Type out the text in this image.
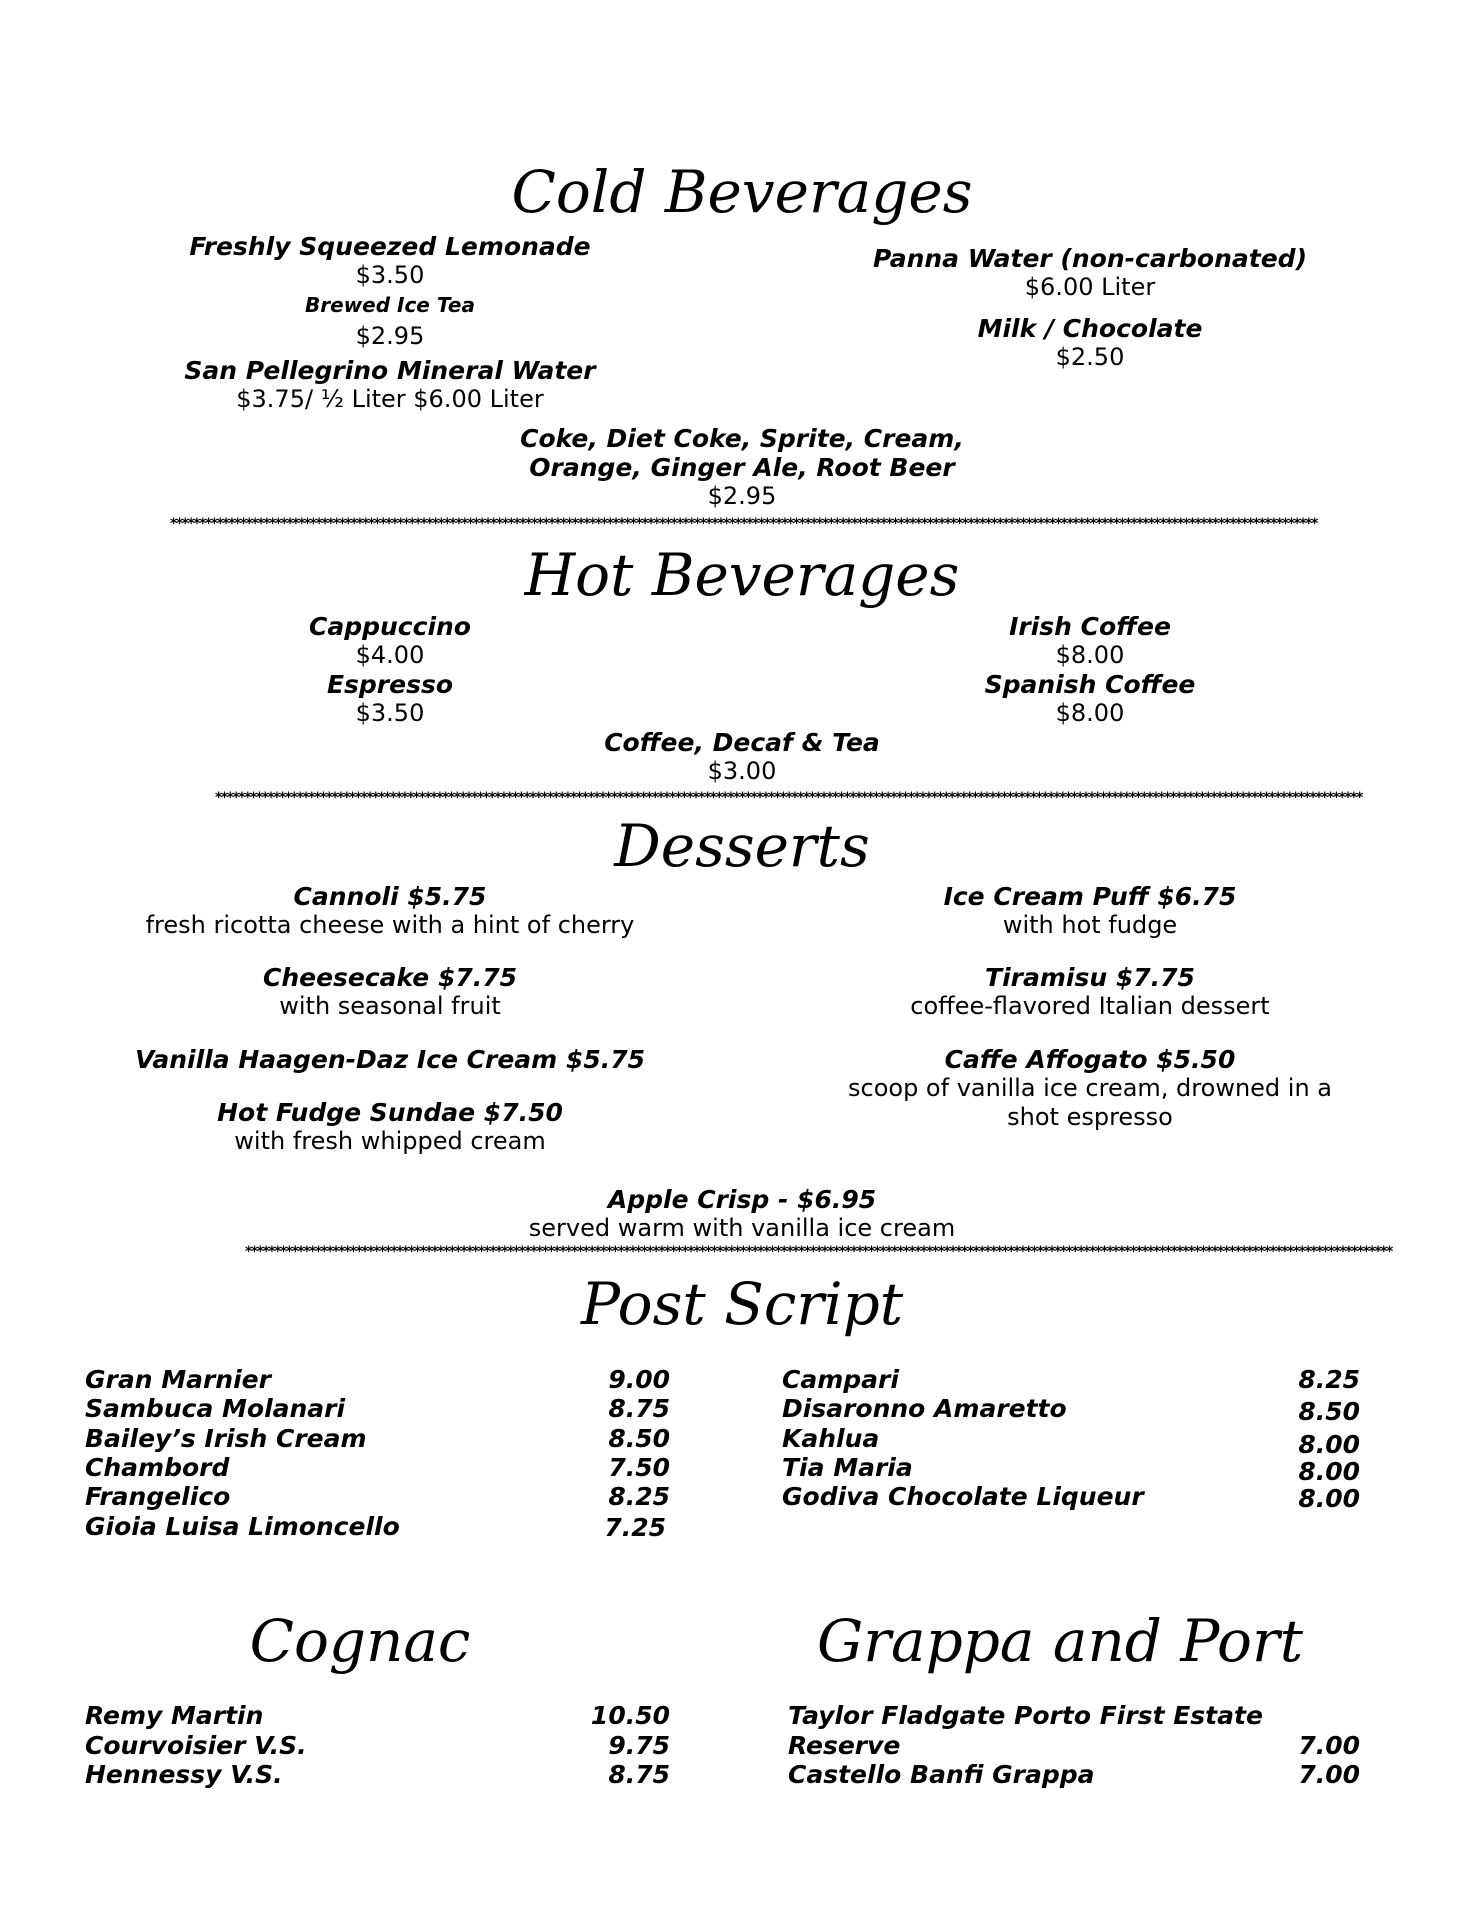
Cold Beverages
Freshly Squeezed Lemonade
$3.50
Brewed Ice Tea
$2.95
San Pellegrino Mineral Water
$3.75/ ½ Liter $6.00 Liter
Panna Water (non-carbonated)
$6.00 Liter
Milk / Chocolate
$2.50
Coke, Diet Coke, Sprite, Cream,
Orange, Ginger Ale, Root Beer
$2.95
*****************************************************************************************************************************************************************************************************
Hot Beverages
Cappuccino
$4.00
Espresso
$3.50
Irish Coffee
$8.00
Spanish Coffee
$8.00
Coffee, Decaf & Tea
$3.00
*****************************************************************************************************************************************************************************************************
Desserts
Cannoli $5.75
fresh ricotta cheese with a hint of cherry
Cheesecake $7.75
with seasonal fruit
Vanilla Haagen-Daz Ice Cream $5.75
Hot Fudge Sundae $7.50
with fresh whipped cream
Ice Cream Puff $6.75
with hot fudge
Tiramisu $7.75
coffee-flavored Italian dessert
Caffe Affogato $5.50
scoop of vanilla ice cream, drowned in a
shot espresso
Apple Crisp - $6.95
served warm with vanilla ice cream
*****************************************************************************************************************************************************************************************************
Post Script
Gran Marnier	9.00
Sambuca Molanari	8.75
Bailey’s Irish Cream	8.50
Chambord	7.50
Frangelico	8.25
Gioia Luisa Limoncello	7.25
Campari	8.25
Disaronno Amaretto	8.50
Kahlua	8.00
Tia Maria	8.00
Godiva Chocolate Liqueur	8.00
Cognac
Remy Martin	10.50
Courvoisier V.S.	9.75
Hennessy V.S.	8.75
Grappa and Port
Taylor Fladgate Porto First Estate
Reserve	7.00
Castello Banfi Grappa	7.00
